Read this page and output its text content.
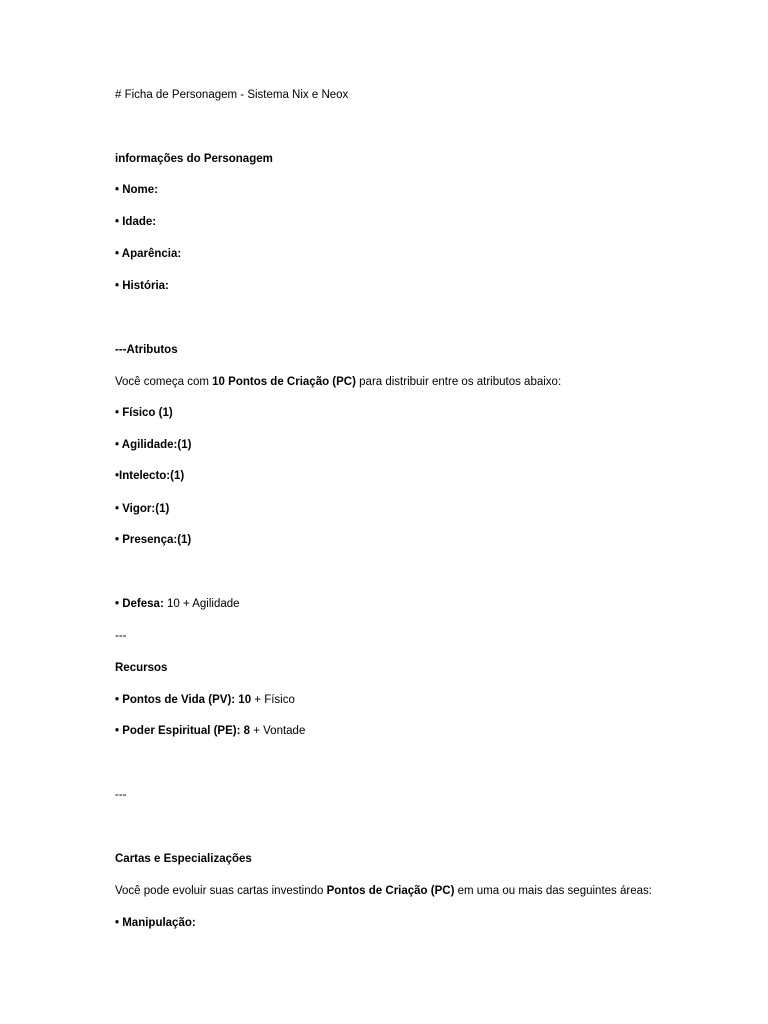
# Ficha de Personagem - Sistema Nix e Neox
informações do Personagem
• Nome:
• Idade:
• Aparência:
• História:
---Atributos
Você começa com 10 Pontos de Criação (PC) para distribuir entre os atributos abaixo:
• Físico (1)
• Agilidade:(1)
•Intelecto:(1)
• Vigor:(1)
• Presença:(1)
• Defesa: 10 + Agilidade
---
Recursos
• Pontos de Vida (PV): 10 + Físico
• Poder Espiritual (PE): 8 + Vontade
---
Cartas e Especializações
Você pode evoluir suas cartas investindo Pontos de Criação (PC) em uma ou mais das seguintes áreas:
• Manipulação:
